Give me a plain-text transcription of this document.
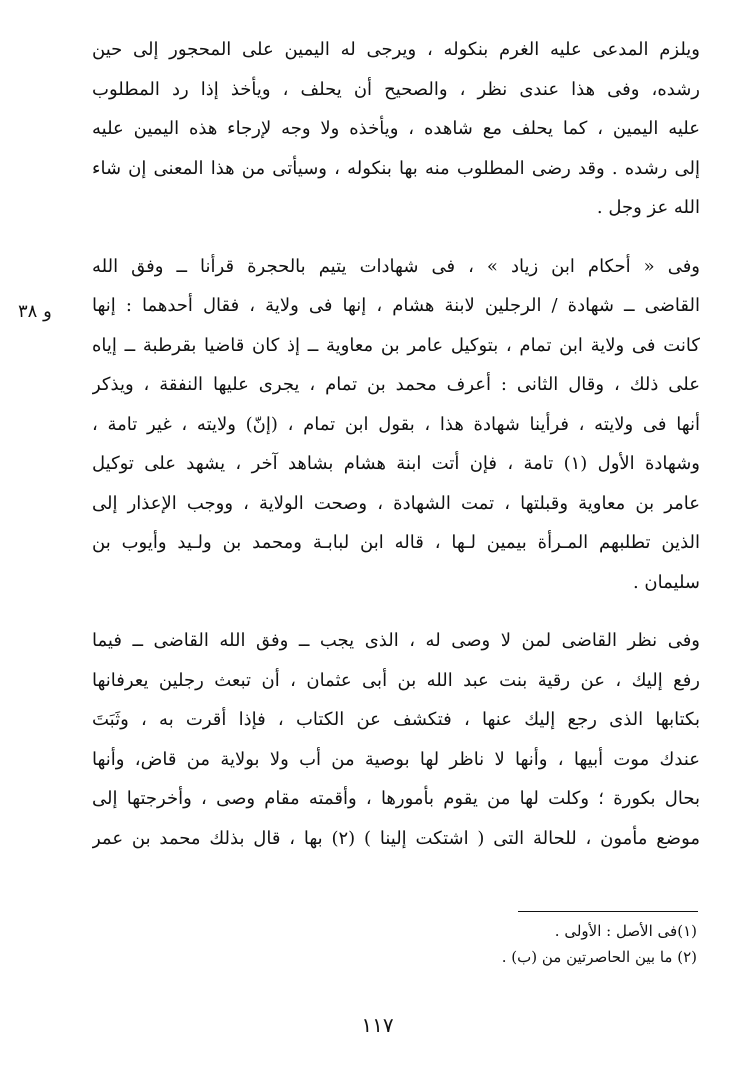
ويلزم المدعى عليه الغرم بنكوله ، ويرجى له اليمين على المحجور إلى حين
رشده، وفى هذا عندى نظر ، والصحيح أن يحلف ، ويأخذ إذا رد المطلوب
عليه اليمين ، كما يحلف مع شاهده ، ويأخذه ولا وجه لإرجاء هذه اليمين عليه
إلى رشده . وقد رضى المطلوب منه بها بنكوله ، وسيأتى من هذا المعنى إن شاء
الله عز وجل .

وفى « أحكام ابن زياد » ، فى شهادات يتيم بالحجرة قرأنا ــ وفق الله
القاضى ــ شهادة / الرجلين لابنة هشام ، إنها فى ولاية ، فقال أحدهما : إنها
كانت فى ولاية ابن تمام ، بتوكيل عامر بن معاوية ــ إذ كان قاضيا بقرطبة ــ إياه
على ذلك ، وقال الثانى : أعرف محمد بن تمام ، يجرى عليها النفقة ، ويذكر
أنها فى ولايته ، فرأينا شهادة هذا ، بقول ابن تمام ، (إنّ) ولايته ، غير تامة ،
وشهادة الأول (١) تامة ، فإن أتت ابنة هشام بشاهد آخر ، يشهد على توكيل
عامر بن معاوية وقبلتها ، تمت الشهادة ، وصحت الولاية ، ووجب الإعذار إلى
الذين تطلبهم المـرأة بيمين لـها ، قاله ابن لبابـة ومحمد بن ولـيد وأيوب بن
سليمان .

وفى نظر القاضى لمن لا وصى له ، الذى يجب ــ وفق الله القاضى ــ فيما
رفع إليك ، عن رقية بنت عبد الله بن أبى عثمان ، أن تبعث رجلين يعرفانها
بكتابها الذى رجع إليك عنها ، فتكشف عن الكتاب ، فإذا أقرت به ، وثَبَتَ
عندك موت أبيها ، وأنها لا ناظر لها بوصية من أب ولا بولاية من قاض، وأنها
بحال بكورة ؛ وكلت لها من يقوم بأمورها ، وأقمته مقام وصى ، وأخرجتها إلى
موضع مأمون ، للحالة التى ( اشتكت إلينا ) (٢) بها ، قال بذلك محمد بن عمر

و ٣٨
(١)فى الأصل : الأولى .
(٢) ما بين الحاصرتين من (ب) .
١١٧
